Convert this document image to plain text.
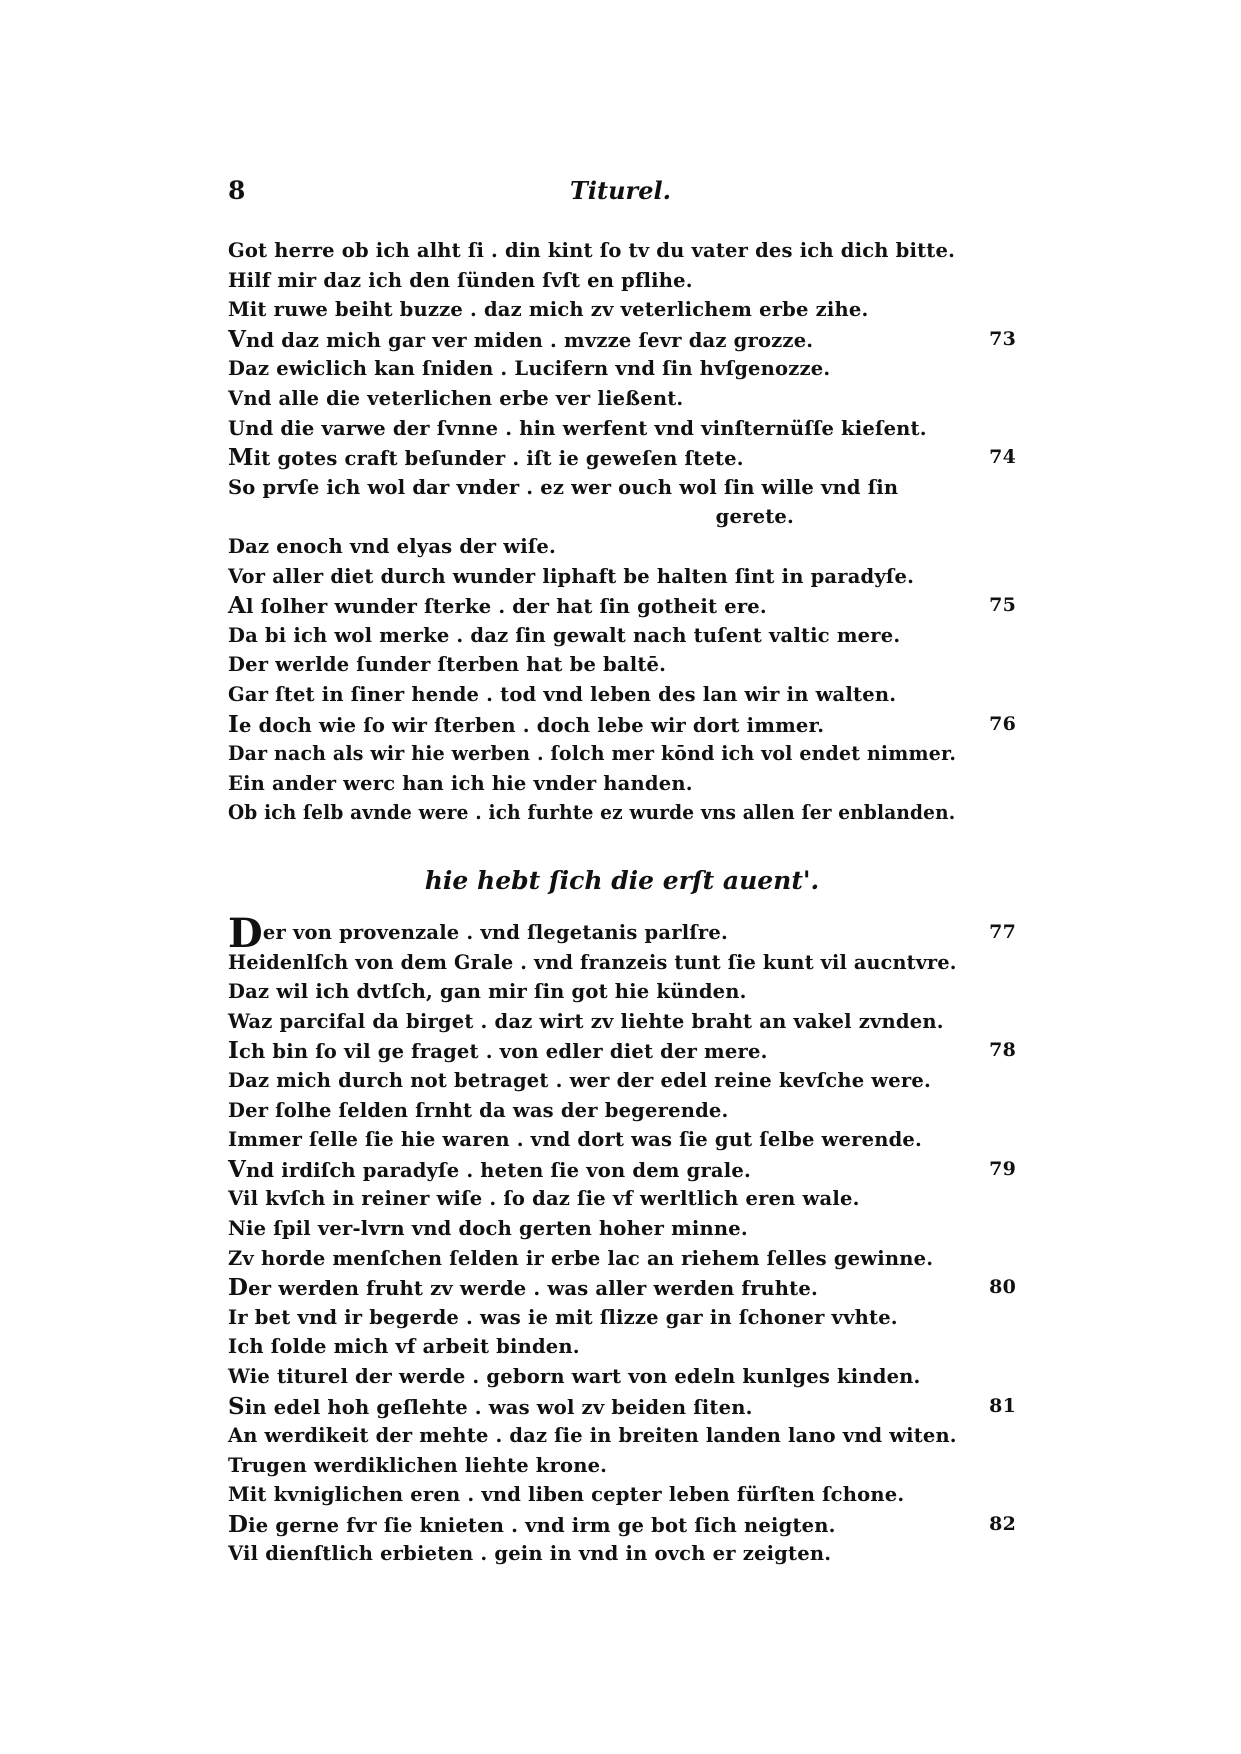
8	Titurel.
Got herre ob ich alht ſi . din kint ſo tv du vater des ich dich bitte.
Hilf mir daz ich den ſünden ſvſt en pflihe.
Mit ruwe beiht buzze . daz mich zv veterlichem erbe zihe.
Vnd daz mich gar ver miden . mvzze ſevr daz grozze.	73
Daz ewiclich kan ſniden . Lucifern vnd ſin hvſgenozze.
Vnd alle die veterlichen erbe ver ließent.
Und die varwe der ſvnne . hin werfent vnd vinſternüſſe kieſent.
Mit gotes craft beſunder . iſt ie geweſen ſtete.	74
So prvſe ich wol dar vnder . ez wer ouch wol ſin wille vnd ſin
gerete.
Daz enoch vnd elyas der wiſe.
Vor aller diet durch wunder liphaft be halten ſint in paradyſe.
Al ſolher wunder ſterke . der hat ſin gotheit ere.	75
Da bi ich wol merke . daz ſin gewalt nach tuſent valtic mere.
Der werlde ſunder ſterben hat be baltē.
Gar ſtet in ſiner hende . tod vnd leben des lan wir in walten.
Ie doch wie ſo wir ſterben . doch lebe wir dort immer.	76
Dar nach als wir hie werben . ſolch mer kōnd ich vol endet nimmer.
Ein ander werc han ich hie vnder handen.
Ob ich ſelb avnde were . ich furhte ez wurde vns allen ſer enblanden.
hie hebt ſich die erſt auent'.
Der von provenzale . vnd ſlegetanis parlſre.	77
Heidenlſch von dem Grale . vnd franzeis tunt ſie kunt vil aucntvre.
Daz wil ich dvtſch, gan mir ſin got hie künden.
Waz parcifal da birget . daz wirt zv liehte braht an vakel zvnden.
Ich bin ſo vil ge fraget . von edler diet der mere.	78
Daz mich durch not betraget . wer der edel reine kevſche were.
Der ſolhe ſelden ſrnht da was der begerende.
Immer ſelle ſie hie waren . vnd dort was ſie gut ſelbe werende.
Vnd irdiſch paradyſe . heten ſie von dem grale.	79
Vil kvſch in reiner wiſe . ſo daz ſie vf werltlich eren wale.
Nie ſpil ver-lvrn vnd doch gerten hoher minne.
Zv horde menſchen ſelden ir erbe lac an riehem ſelles gewinne.
Der werden fruht zv werde . was aller werden fruhte.	80
Ir bet vnd ir begerde . was ie mit ſlizze gar in ſchoner vvhte.
Ich ſolde mich vf arbeit binden.
Wie titurel der werde . geborn wart von edeln kunlges kinden.
Sin edel hoh geſlehte . was wol zv beiden ſiten.	81
An werdikeit der mehte . daz ſie in breiten landen lano vnd witen.
Trugen werdiklichen liehte krone.
Mit kvniglichen eren . vnd liben cepter leben fürſten ſchone.
Die gerne fvr ſie knieten . vnd irm ge bot ſich neigten.	82
Vil dienſtlich erbieten . gein in vnd in ovch er zeigten.
